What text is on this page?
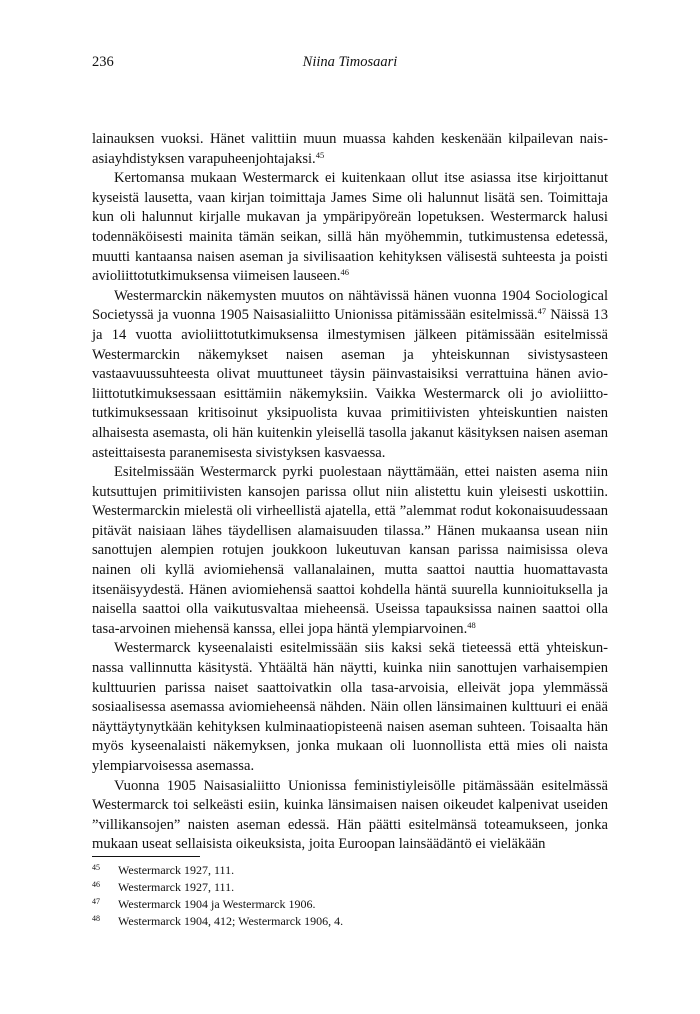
236	Niina Timosaari

lainauksen vuoksi. Hänet valittiin muun muassa kahden keskenään kilpailevan naisasiayhdistyksen varapuheenjohtajaksi.$^{45}$

Kertomansa mukaan Westermarck ei kuitenkaan ollut itse asiassa itse kirjoittanut kyseistä lausetta, vaan kirjan toimittaja James Sime oli halunnut lisätä sen. Toimittaja kun oli halunnut kirjalle mukavan ja ympäripyöreän lopetuksen. Westermarck halusi todennäköisesti mainita tämän seikan, sillä hän myöhemmin, tutkimustensa edetessä, muutti kantaansa naisen aseman ja sivilisaation kehityksen välisestä suhteesta ja poisti avioliittotutkimuksensa viimeisen lauseen.$^{46}$

Westermarckin näkemysten muutos on nähtävissä hänen vuonna 1904 Sociological Societyssä ja vuonna 1905 Naisasialiitto Unionissa pitämissään esitelmissä.$^{47}$ Näissä 13 ja 14 vuotta avioliittotutkimuksensa ilmestymisen jälkeen pitämissään esitelmissä Westermarckin näkemykset naisen aseman ja yhteiskunnan sivistysasteen vastaavuussuhteesta olivat muuttuneet täysin päinvastaisiksi verrattuina hänen avioliittotutkimuksessaan esittämiin näkemyksiin. Vaikka Westermarck oli jo avioliittotutkimuksessaan kritisoinut yksipuolista kuvaa primitiivisten yhteiskuntien naisten alhaisesta asemasta, oli hän kuitenkin yleisellä tasolla jakanut käsityksen naisen aseman asteittaisesta paranemisesta sivistyksen kasvaessa.

Esitelmissään Westermarck pyrki puolestaan näyttämään, ettei naisten asema niin kutsuttujen primitiivisten kansojen parissa ollut niin alistettu kuin yleisesti uskottiin. Westermarckin mielestä oli virheellistä ajatella, että ”alemmat rodut kokonaisuudessaan pitävät naisiaan lähes täydellisen alamaisuuden tilassa.” Hänen mukaansa usean niin sanottujen alempien rotujen joukkoon lukeutuvan kansan parissa naimisissa oleva nainen oli kyllä aviomiehensä vallanalainen, mutta saattoi nauttia huomattavasta itsenäisyydestä. Hänen aviomiehensä saattoi kohdella häntä suurella kunnioituksella ja naisella saattoi olla vaikutusvaltaa mieheensä. Useissa tapauksissa nainen saattoi olla tasa-arvoinen miehensä kanssa, ellei jopa häntä ylempiarvoinen.$^{48}$

Westermarck kyseenalaisti esitelmissään siis kaksi sekä tieteessä että yhteiskunnassa vallinnutta käsitystä. Yhtäältä hän näytti, kuinka niin sanottujen varhaisempien kulttuurien parissa naiset saattoivatkin olla tasa-arvoisia, elleivät jopa ylemmässä sosiaalisessa asemassa aviomieheensä nähden. Näin ollen länsimainen kulttuuri ei enää näyttäytynytkään kehityksen kulminaatiopisteenä naisen aseman suhteen. Toisaalta hän myös kyseenalaisti näkemyksen, jonka mukaan oli luonnollista että mies oli naista ylempiarvoisessa asemassa.

Vuonna 1905 Naisasialiitto Unionissa feministiyleisölle pitämässään esitelmässä Westermarck toi selkeästi esiin, kuinka länsimaisen naisen oikeudet kalpenivat useiden ”villikansojen” naisten aseman edessä. Hän päätti esitelmänsä toteamukseen, jonka mukaan useat sellaisista oikeuksista, joita Euroopan lainsäädäntö ei vieläkään

45 Westermarck 1927, 111.
46 Westermarck 1927, 111.
47 Westermarck 1904 ja Westermarck 1906.
48 Westermarck 1904, 412; Westermarck 1906, 4.
